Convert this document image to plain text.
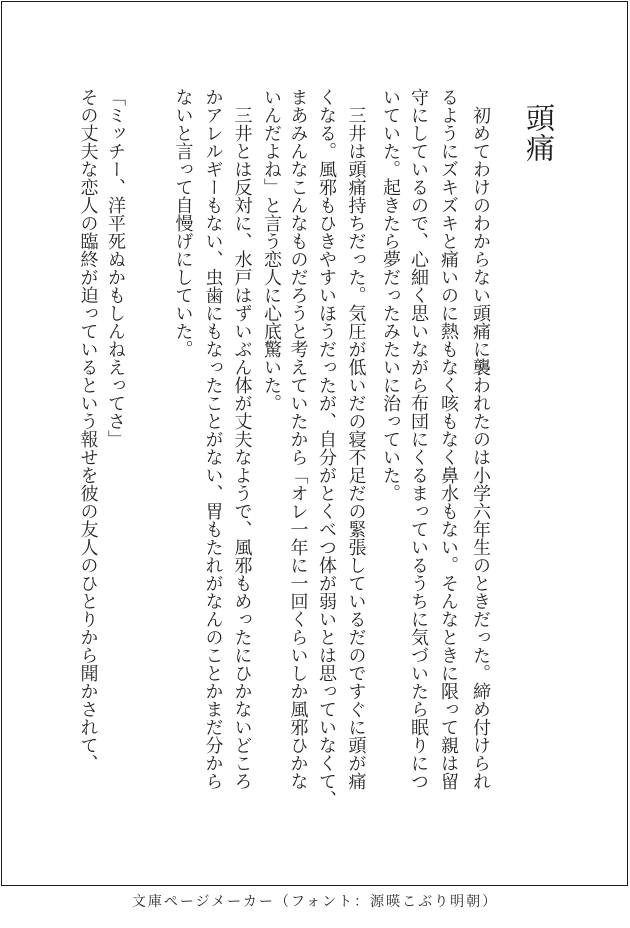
頭痛
　初めてわけのわからない頭痛に襲われたのは小学六年生のときだった。締め付けられ
るようにズキズキと痛いのに熱もなく咳もなく鼻水もない。そんなときに限って親は留
守にしているので、心細く思いながら布団にくるまっているうちに気づいたら眠りにつ
いていた。起きたら夢だったみたいに治っていた。
　三井は頭痛持ちだった。気圧が低いだの寝不足だの緊張しているだのですぐに頭が痛
くなる。風邪もひきやすいほうだったが、自分がとくべつ体が弱いとは思っていなくて、
まあみんなこんなものだろうと考えていたから「オレ一年に一回くらいしか風邪ひかな
いんだよね」と言う恋人に心底驚いた。
　三井とは反対に、水戸はずいぶん体が丈夫なようで、風邪もめったにひかないどころ
かアレルギーもない、虫歯にもなったことがない、胃もたれがなんのことかまだ分から
ないと言って自慢げにしていた。
「ミッチー、洋平死ぬかもしんねえってさ」
その丈夫な恋人の臨終が迫っているという報せを彼の友人のひとりから聞かされて、
文庫ページメーカー（フォント：源暎こぶり明朝）
